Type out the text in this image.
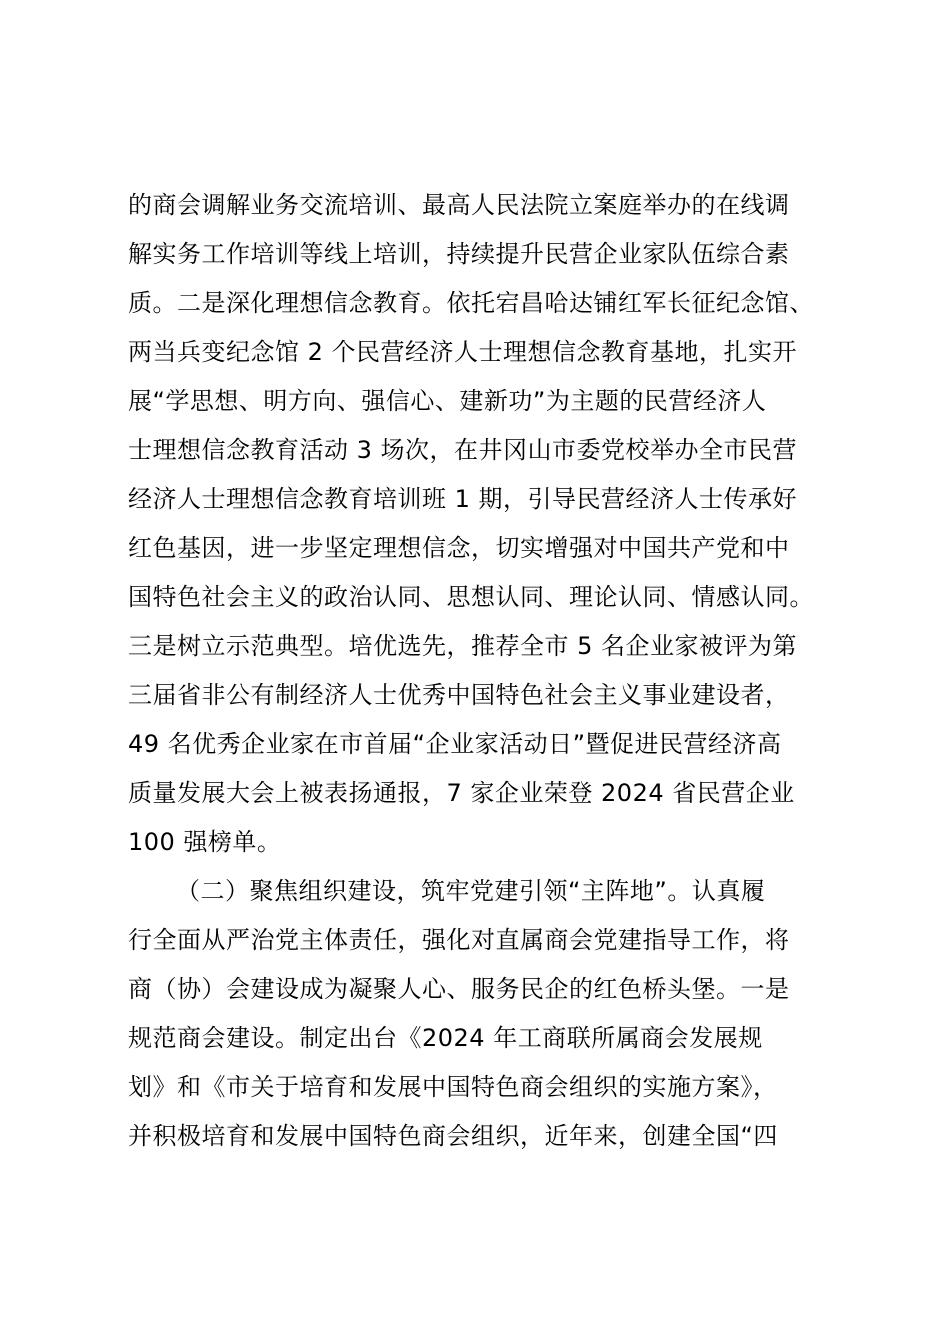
的商会调解业务交流培训、最高人民法院立案庭举办的在线调
解实务工作培训等线上培训，持续提升民营企业家队伍综合素
质。二是深化理想信念教育。依托宕昌哈达铺红军长征纪念馆、
两当兵变纪念馆 2 个民营经济人士理想信念教育基地，扎实开
展“学思想、明方向、强信心、建新功”为主题的民营经济人
士理想信念教育活动 3 场次，在井冈山市委党校举办全市民营
经济人士理想信念教育培训班 1 期，引导民营经济人士传承好
红色基因，进一步坚定理想信念，切实增强对中国共产党和中
国特色社会主义的政治认同、思想认同、理论认同、情感认同。
三是树立示范典型。培优选先，推荐全市 5 名企业家被评为第
三届省非公有制经济人士优秀中国特色社会主义事业建设者，
49 名优秀企业家在市首届“企业家活动日”暨促进民营经济高
质量发展大会上被表扬通报，7 家企业荣登 2024 省民营企业
100 强榜单。
（二）聚焦组织建设，筑牢党建引领“主阵地”。认真履
行全面从严治党主体责任，强化对直属商会党建指导工作，将
商（协）会建设成为凝聚人心、服务民企的红色桥头堡。一是
规范商会建设。制定出台《2024 年工商联所属商会发展规
划》和《市关于培育和发展中国特色商会组织的实施方案》，
并积极培育和发展中国特色商会组织，近年来，创建全国“四
